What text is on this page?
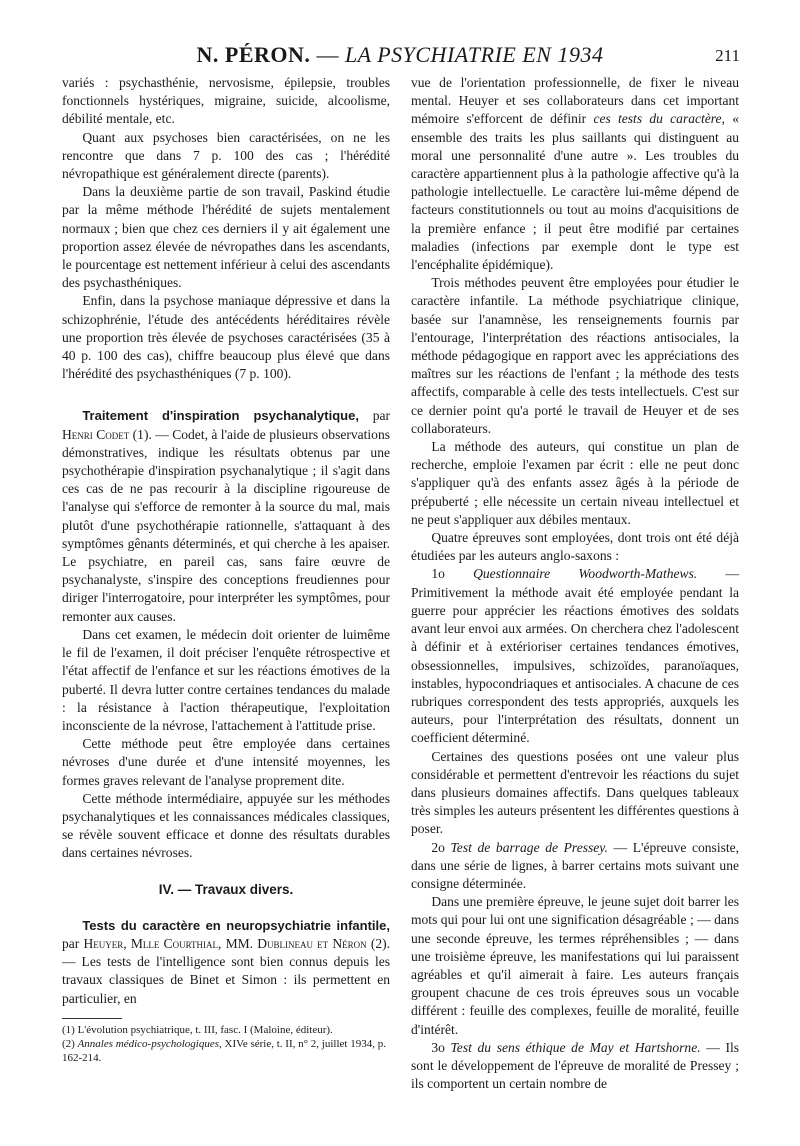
N. PÉRON. — LA PSYCHIATRIE EN 1934	211

variés : psychasthénie, nervosisme, épilepsie, troubles fonctionnels hystériques, migraine, suicide, alcoolisme, débilité mentale, etc.

Quant aux psychoses bien caractérisées, on ne les rencontre que dans 7 p. 100 des cas ; l'hérédité névropathique est généralement directe (parents).

Dans la deuxième partie de son travail, Paskind étudie par la même méthode l'hérédité de sujets mentalement normaux ; bien que chez ces derniers il y ait également une proportion assez élevée de névropathes dans les ascendants, le pourcentage est nettement inférieur à celui des ascendants des psychasthéniques.

Enfin, dans la psychose maniaque dépressive et dans la schizophrénie, l'étude des antécédents héréditaires révèle une proportion très élevée de psychoses caractérisées (35 à 40 p. 100 des cas), chiffre beaucoup plus élevé que dans l'hérédité des psychasthéniques (7 p. 100).

Traitement d'inspiration psychanalytique, par Henri Codet (1). — Codet, à l'aide de plusieurs observations démonstratives, indique les résultats obtenus par une psychothérapie d'inspiration psychanalytique ; il s'agit dans ces cas de ne pas recourir à la discipline rigoureuse de l'analyse qui s'efforce de remonter à la source du mal, mais plutôt d'une psychothérapie rationnelle, s'attaquant à des symptômes gênants déterminés, et qui cherche à les apaiser. Le psychiatre, en pareil cas, sans faire œuvre de psychanalyste, s'inspire des conceptions freudiennes pour diriger l'interrogatoire, pour interpréter les symptômes, pour remonter aux causes.

Dans cet examen, le médecin doit orienter de luimême le fil de l'examen, il doit préciser l'enquête rétrospective et l'état affectif de l'enfance et sur les réactions émotives de la puberté. Il devra lutter contre certaines tendances du malade : la résistance à l'action thérapeutique, l'exploitation inconsciente de la névrose, l'attachement à l'attitude prise.

Cette méthode peut être employée dans certaines névroses d'une durée et d'une intensité moyennes, les formes graves relevant de l'analyse proprement dite.

Cette méthode intermédiaire, appuyée sur les méthodes psychanalytiques et les connaissances médicales classiques, se révèle souvent efficace et donne des résultats durables dans certaines névroses.

IV. — Travaux divers.

Tests du caractère en neuropsychiatrie infantile, par Heuyer, Mlle Courthial, MM. Dublineau et Néron (2). — Les tests de l'intelligence sont bien connus depuis les travaux classiques de Binet et Simon : ils permettent en particulier, en

(1) L'évolution psychiatrique, t. III, fasc. I (Maloine, éditeur).
(2) Annales médico-psychologiques, XIVe série, t. II, n° 2, juillet 1934, p. 162-214.

vue de l'orientation professionnelle, de fixer le niveau mental. Heuyer et ses collaborateurs dans cet important mémoire s'efforcent de définir ces tests du caractère, « ensemble des traits les plus saillants qui distinguent au moral une personnalité d'une autre ». Les troubles du caractère appartiennent plus à la pathologie affective qu'à la pathologie intellectuelle. Le caractère lui-même dépend de facteurs constitutionnels ou tout au moins d'acquisitions de la première enfance ; il peut être modifié par certaines maladies (infections par exemple dont le type est l'encéphalite épidémique).

Trois méthodes peuvent être employées pour étudier le caractère infantile. La méthode psychiatrique clinique, basée sur l'anamnèse, les renseignements fournis par l'entourage, l'interprétation des réactions antisociales, la méthode pédagogique en rapport avec les appréciations des maîtres sur les réactions de l'enfant ; la méthode des tests affectifs, comparable à celle des tests intellectuels. C'est sur ce dernier point qu'a porté le travail de Heuyer et de ses collaborateurs.

La méthode des auteurs, qui constitue un plan de recherche, emploie l'examen par écrit : elle ne peut donc s'appliquer qu'à des enfants assez âgés à la période de prépuberté ; elle nécessite un certain niveau intellectuel et ne peut s'appliquer aux débiles mentaux.

Quatre épreuves sont employées, dont trois ont été déjà étudiées par les auteurs anglo-saxons :

1o Questionnaire Woodworth-Mathews. — Primitivement la méthode avait été employée pendant la guerre pour apprécier les réactions émotives des soldats avant leur envoi aux armées. On cherchera chez l'adolescent à définir et à extérioriser certaines tendances émotives, obsessionnelles, impulsives, schizoïdes, paranoïaques, instables, hypocondriaques et antisociales. A chacune de ces rubriques correspondent des tests appropriés, auxquels les auteurs, pour l'interprétation des résultats, donnent un coefficient déterminé.

Certaines des questions posées ont une valeur plus considérable et permettent d'entrevoir les réactions du sujet dans plusieurs domaines affectifs. Dans quelques tableaux très simples les auteurs présentent les différentes questions à poser.

2o Test de barrage de Pressey. — L'épreuve consiste, dans une série de lignes, à barrer certains mots suivant une consigne déterminée.

Dans une première épreuve, le jeune sujet doit barrer les mots qui pour lui ont une signification désagréable ; — dans une seconde épreuve, les termes répréhensibles ; — dans une troisième épreuve, les manifestations qui lui paraissent agréables et qu'il aimerait à faire. Les auteurs français groupent chacune de ces trois épreuves sous un vocable différent : feuille des complexes, feuille de moralité, feuille d'intérêt.

3o Test du sens éthique de May et Hartshorne. — Ils sont le développement de l'épreuve de moralité de Pressey ; ils comportent un certain nombre de
